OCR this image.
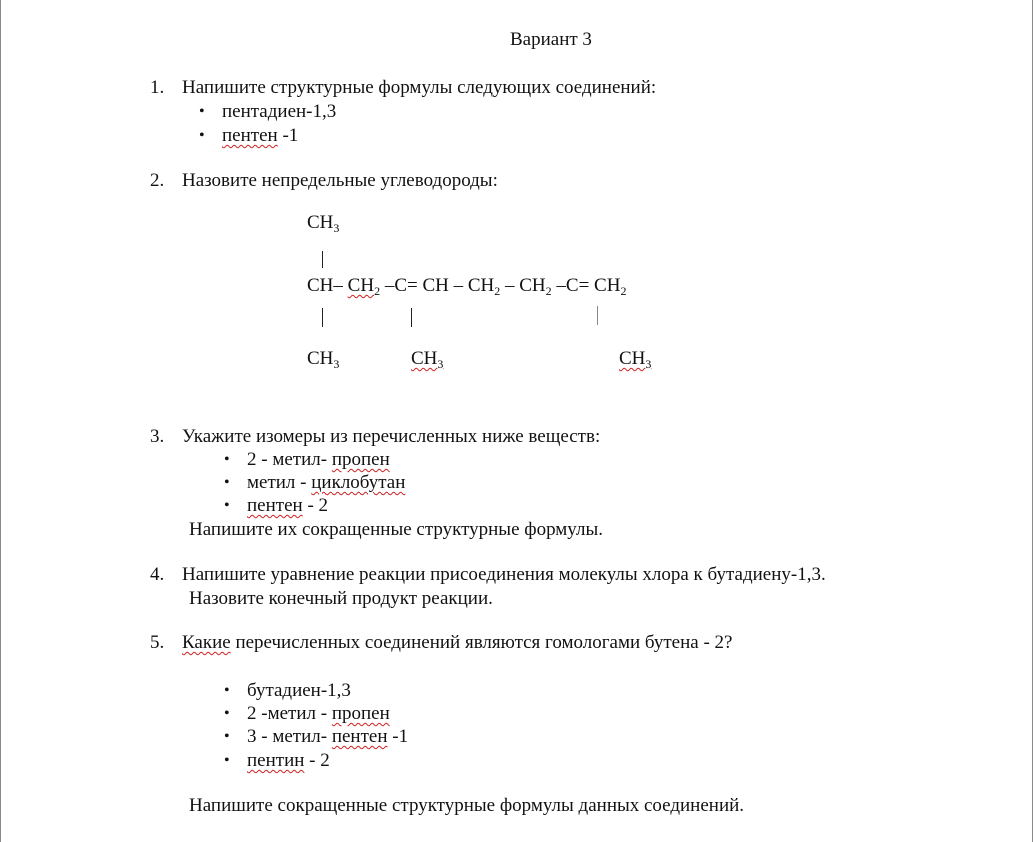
Вариант 3
1. Напишите структурные формулы следующих соединений:
• пентадиен-1,3
• пентен -1
2. Назовите непредельные углеводороды:
$CH_3$
CH– $CH_2$ –C= CH – $CH_2 - CH_2$ $-C= CH_2$
$CH_3$	$CH_3$	$CH_3$
3. Укажите изомеры из перечисленных ниже веществ:
• 2 - метил- пропен
• метил - циклобутан
• пентен - 2
Напишите их сокращенные структурные формулы.
4. Напишите уравнение реакции присоединения молекулы хлора к бутадиену-1,3.
Назовите конечный продукт реакции.
5. Какие перечисленных соединений являются гомологами бутена - 2?
• бутадиен-1,3
• 2 -метил - пропен
• 3 - метил- пентен -1
• пентин - 2
Напишите сокращенные структурные формулы данных соединений.
